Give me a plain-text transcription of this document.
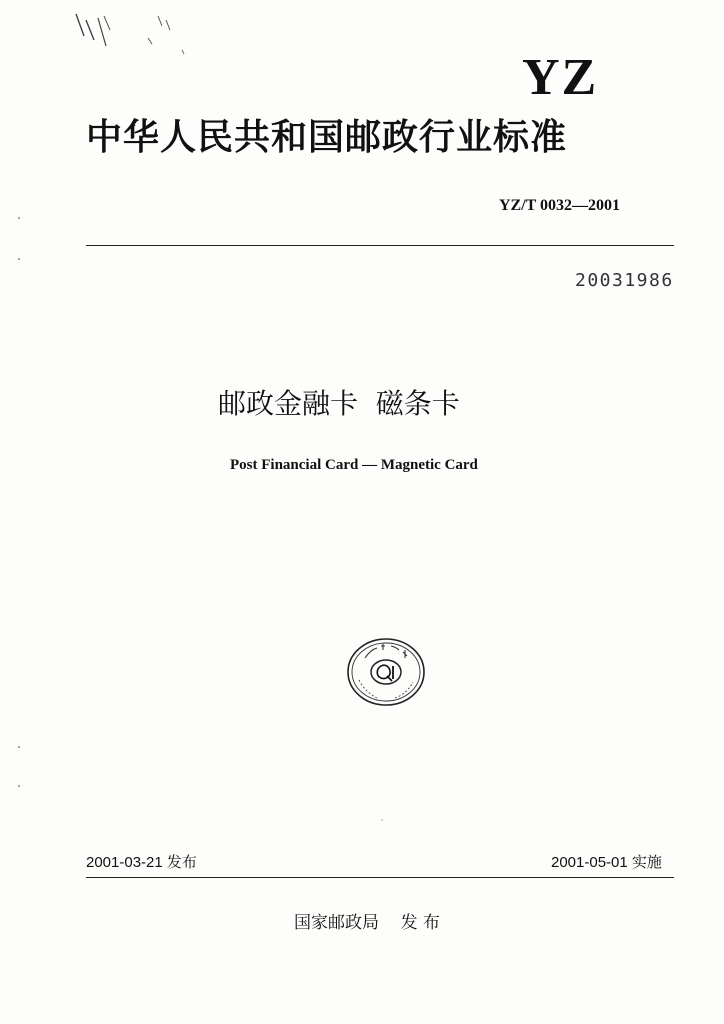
YZ
中华人民共和国邮政行业标准
YZ/T 0032—2001
20031986
邮政金融卡  磁条卡
Post Financial Card — Magnetic Card
2001-03-21 发布	2001-05-01 实施
国家邮政局    发 布
